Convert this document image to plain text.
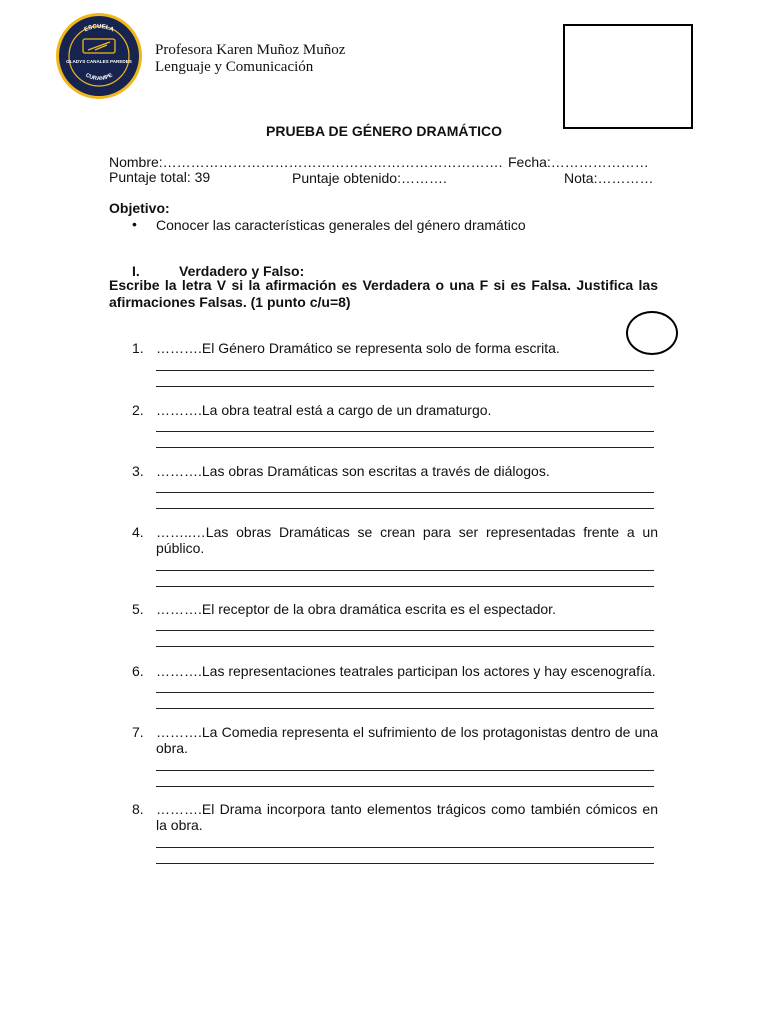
ESCUELA
GLADYS CANALES PAREDES
CURANIPE
Profesora Karen Muñoz Muñoz
Lenguaje y Comunicación
PRUEBA DE GÉNERO DRAMÁTICO
Nombre:………………………………………………………………. Fecha:…………………
Puntaje total: 39	Puntaje obtenido:……….	Nota:…………
Objetivo:
• Conocer las características generales del género dramático
I.	Verdadero y Falso:
Escribe la letra V si la afirmación es Verdadera o una F si es Falsa. Justifica las
afirmaciones Falsas. (1 punto c/u=8)
1. ……….El Género Dramático se representa solo de forma escrita.
2. ……….La obra teatral está a cargo de un dramaturgo.
3. ……….Las obras Dramáticas son escritas a través de diálogos.
4. ……..…Las obras Dramáticas se crean para ser representadas frente a un público.
5. ……….El receptor de la obra dramática escrita es el espectador.
6. ……….Las representaciones teatrales participan los actores y hay escenografía.
7. ……….La Comedia representa el sufrimiento de los protagonistas dentro de una obra.
8. ……….El Drama incorpora tanto elementos trágicos como también cómicos en la obra.
